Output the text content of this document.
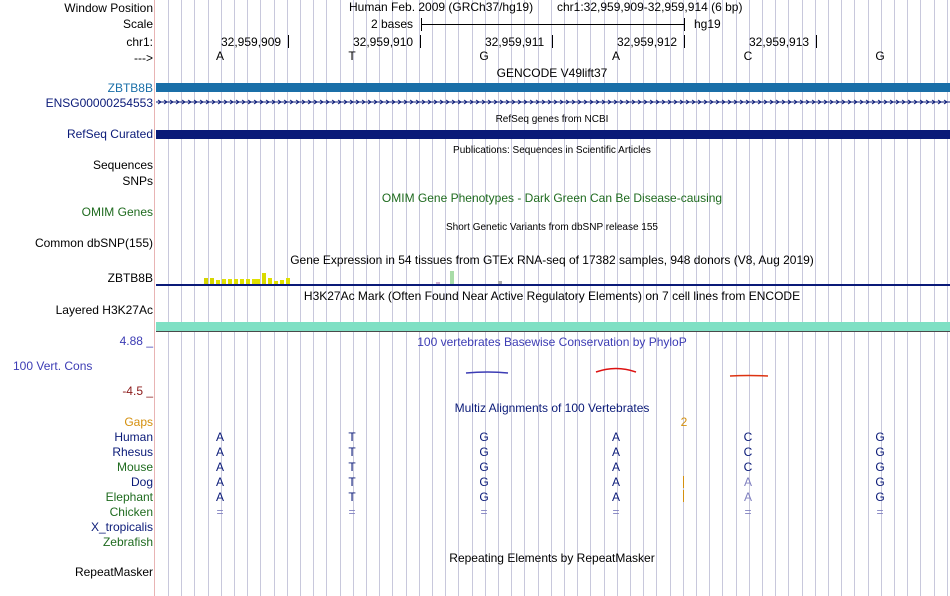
Window Position
Scale
chr1:
--->
Human Feb. 2009 (GRCh37/hg19) chr1:32,959,909-32,959,914 (6 bp)
2 bases	hg19
32,959,909	32,959,910	32,959,911	32,959,912	32,959,913
A	T	G	A	C	G
GENCODE V49lift37
ZBTB8B
ENSG00000254553
RefSeq genes from NCBI
RefSeq Curated
Publications: Sequences in Scientific Articles
Sequences
SNPs
OMIM Gene Phenotypes - Dark Green Can Be Disease-causing
OMIM Genes
Short Genetic Variants from dbSNP release 155
Common dbSNP(155)
Gene Expression in 54 tissues from GTEx RNA-seq of 17382 samples, 948 donors (V8, Aug 2019)
ZBTB8B
H3K27Ac Mark (Often Found Near Active Regulatory Elements) on 7 cell lines from ENCODE
Layered H3K27Ac
4.88 _	100 vertebrates Basewise Conservation by PhyloP
100 Vert. Cons
-4.5 _
Multiz Alignments of 100 Vertebrates
Gaps	2
Human	A	T	G	A	C	G
Rhesus	A	T	G	A	C	G
Mouse	A	T	G	A	C	G
Dog	A	T	G	A	A	G
Elephant	A	T	G	A	A	G
Chicken	=	=	=	=	=	=
X_tropicalis
Zebrafish
Repeating Elements by RepeatMasker
RepeatMasker
